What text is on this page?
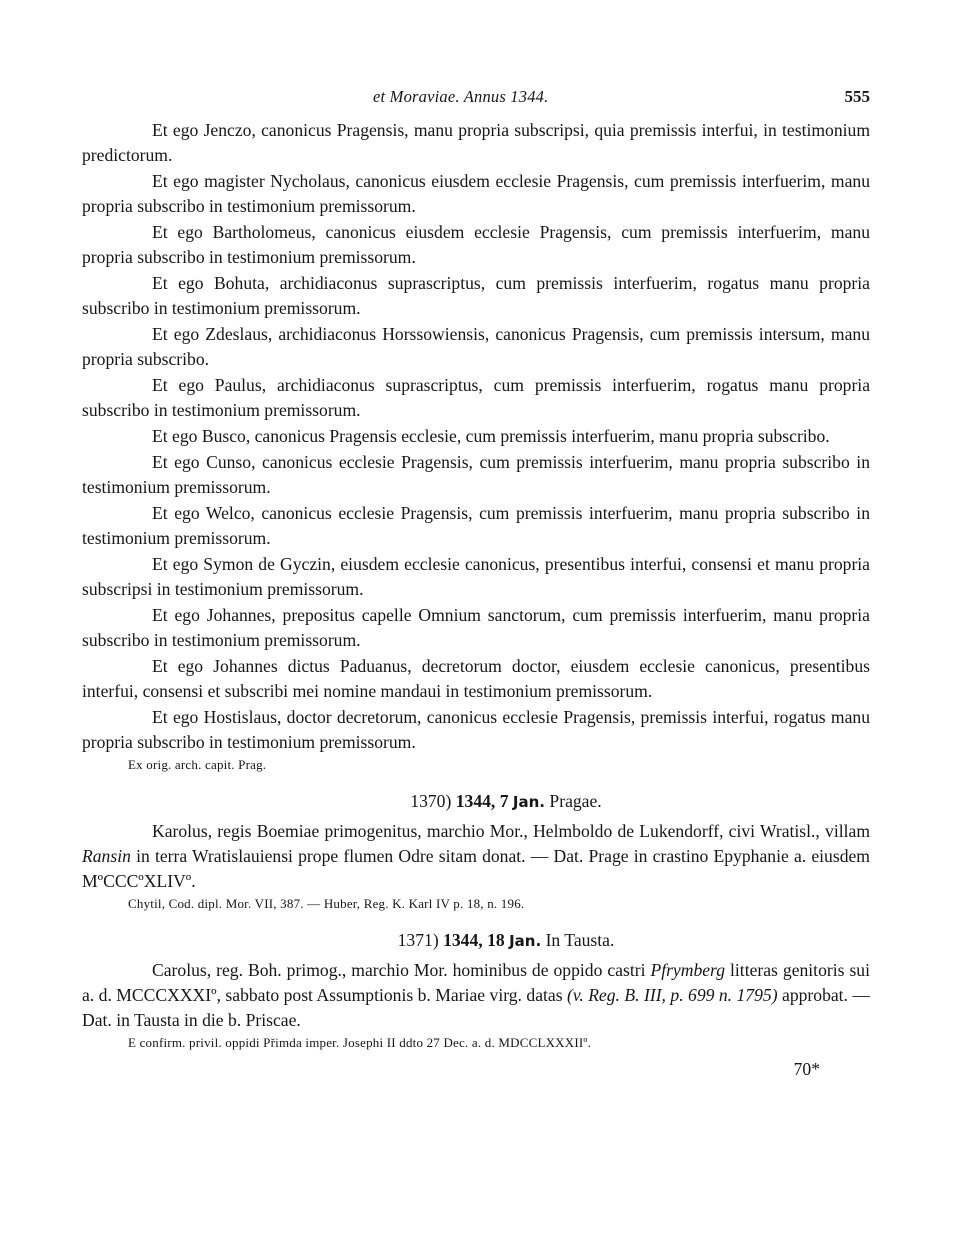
et Moraviae. Annus 1344.	555

Et ego Jenczo, canonicus Pragensis, manu propria subscripsi, quia premissis interfui, in testimonium predictorum.

Et ego magister Nycholaus, canonicus eiusdem ecclesie Pragensis, cum premissis interfuerim, manu propria subscribo in testimonium premissorum.

Et ego Bartholomeus, canonicus eiusdem ecclesie Pragensis, cum premissis interfuerim, manu propria subscribo in testimonium premissorum.

Et ego Bohuta, archidiaconus suprascriptus, cum premissis interfuerim, rogatus manu propria subscribo in testimonium premissorum.

Et ego Zdeslaus, archidiaconus Horssowiensis, canonicus Pragensis, cum premissis intersum, manu propria subscribo.

Et ego Paulus, archidiaconus suprascriptus, cum premissis interfuerim, rogatus manu propria subscribo in testimonium premissorum.

Et ego Busco, canonicus Pragensis ecclesie, cum premissis interfuerim, manu propria subscribo.

Et ego Cunso, canonicus ecclesie Pragensis, cum premissis interfuerim, manu propria subscribo in testimonium premissorum.

Et ego Welco, canonicus ecclesie Pragensis, cum premissis interfuerim, manu propria subscribo in testimonium premissorum.

Et ego Symon de Gyczin, eiusdem ecclesie canonicus, presentibus interfui, consensi et manu propria subscripsi in testimonium premissorum.

Et ego Johannes, prepositus capelle Omnium sanctorum, cum premissis interfuerim, manu propria subscribo in testimonium premissorum.

Et ego Johannes dictus Paduanus, decretorum doctor, eiusdem ecclesie canonicus, presentibus interfui, consensi et subscribi mei nomine mandaui in testimonium premissorum.

Et ego Hostislaus, doctor decretorum, canonicus ecclesie Pragensis, premissis interfui, rogatus manu propria subscribo in testimonium premissorum.

Ex orig. arch. capit. Prag.
1370) 1344, 7 Jan. Pragae.

Karolus, regis Boemiae primogenitus, marchio Mor., Helmboldo de Lukendorff, civi Wratisl., villam Ransin in terra Wratislauiensi prope flumen Odre sitam donat. — Dat. Prage in crastino Epyphanie a. eiusdem MºCCCºXLIVº.

Chytil, Cod. dipl. Mor. VII, 387. — Huber, Reg. K. Karl IV p. 18, n. 196.
1371) 1344, 18 Jan. In Tausta.

Carolus, reg. Boh. primog., marchio Mor. hominibus de oppido castri Pfrymberg litteras genitoris sui a. d. MCCCXXXIº, sabbato post Assumptionis b. Mariae virg. datas (v. Reg. B. III, p. 699 n. 1795) approbat. — Dat. in Tausta in die b. Priscae.

E confirm. privil. oppidi Přimda imper. Josephi II ddto 27 Dec. a. d. MDCCLXXXIIº.
70*
